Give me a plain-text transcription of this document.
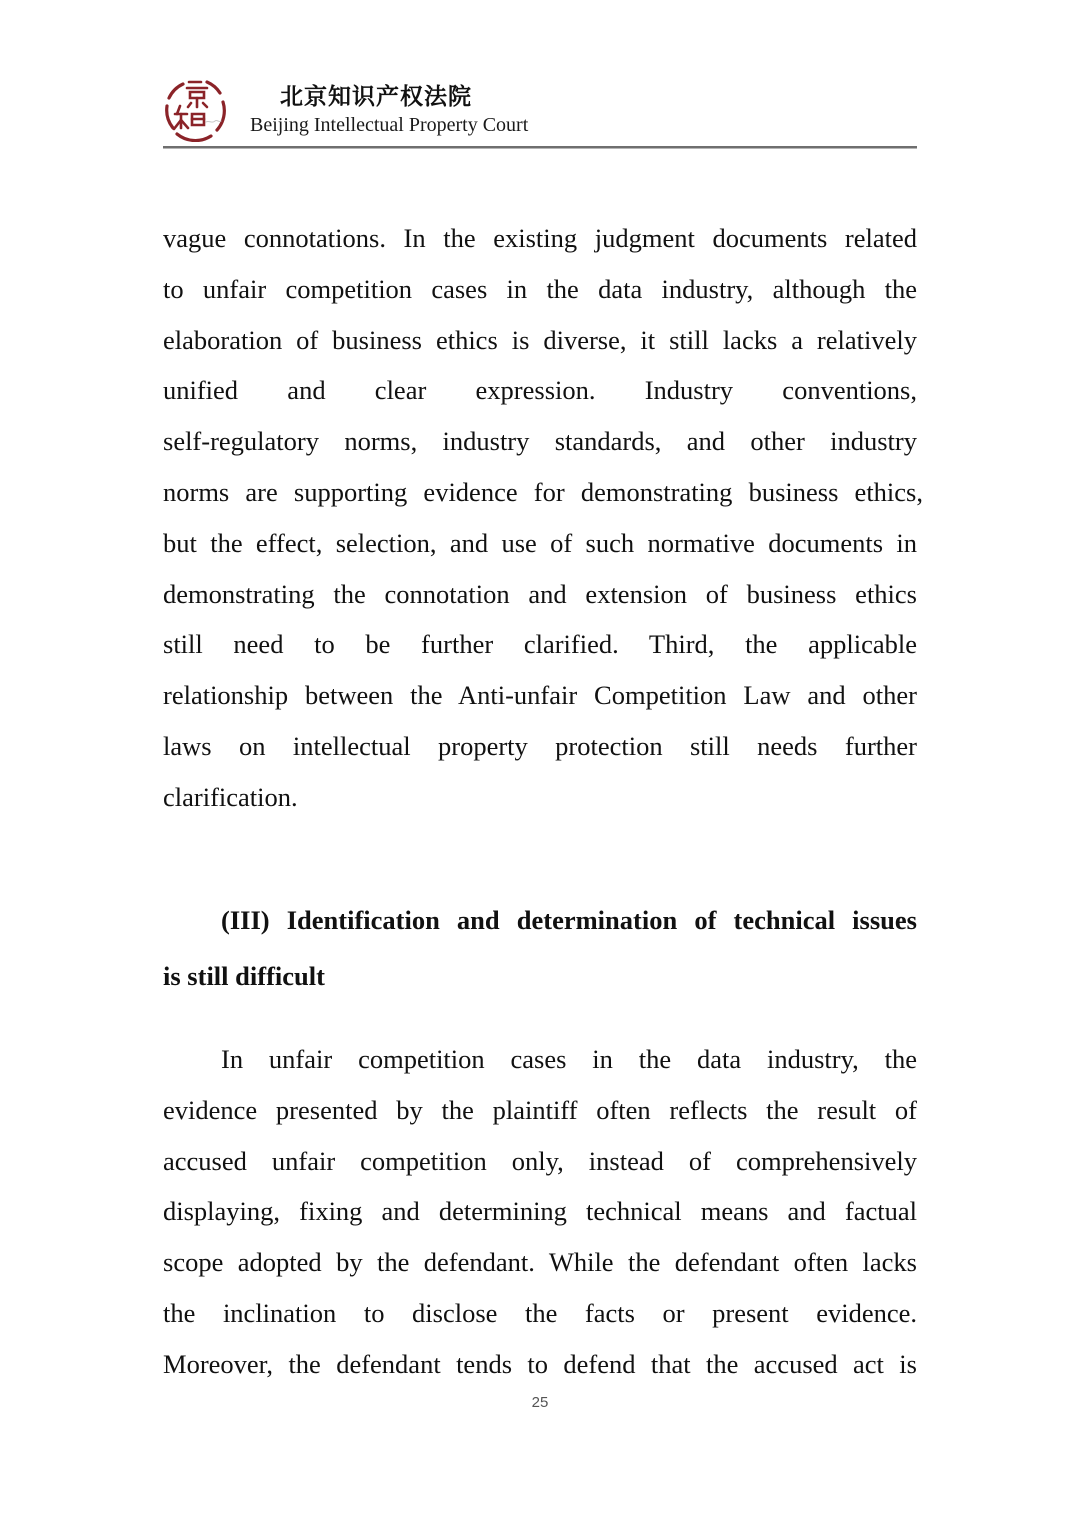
北京知识产权法院
Beijing Intellectual Property Court
vague connotations. In the existing judgment documents related
to unfair competition cases in the data industry, although the
elaboration of business ethics is diverse, it still lacks a relatively
unified and clear expression. Industry conventions,
self-regulatory norms, industry standards, and other industry
norms are supporting evidence for demonstrating business ethics,
but the effect, selection, and use of such normative documents in
demonstrating the connotation and extension of business ethics
still need to be further clarified. Third, the applicable
relationship between the Anti-unfair Competition Law and other
laws on intellectual property protection still needs further
clarification.
(III) Identification and determination of technical issues
is still difficult
In unfair competition cases in the data industry, the
evidence presented by the plaintiff often reflects the result of
accused unfair competition only, instead of comprehensively
displaying, fixing and determining technical means and factual
scope adopted by the defendant. While the defendant often lacks
the inclination to disclose the facts or present evidence.
Moreover, the defendant tends to defend that the accused act is
25
